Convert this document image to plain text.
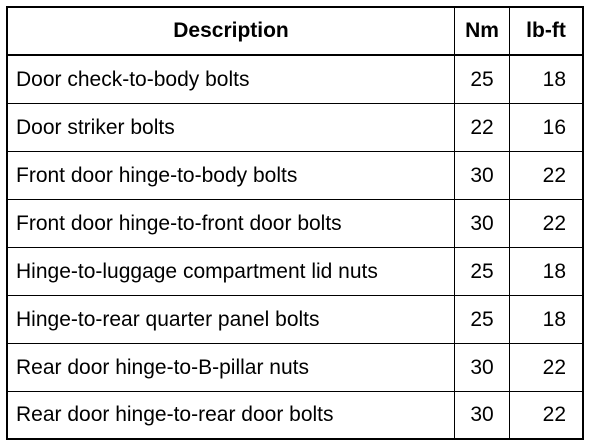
Description	Nm	lb-ft
Door check-to-body bolts	25	18
Door striker bolts	22	16
Front door hinge-to-body bolts	30	22
Front door hinge-to-front door bolts	30	22
Hinge-to-luggage compartment lid nuts	25	18
Hinge-to-rear quarter panel bolts	25	18
Rear door hinge-to-B-pillar nuts	30	22
Rear door hinge-to-rear door bolts	30	22
